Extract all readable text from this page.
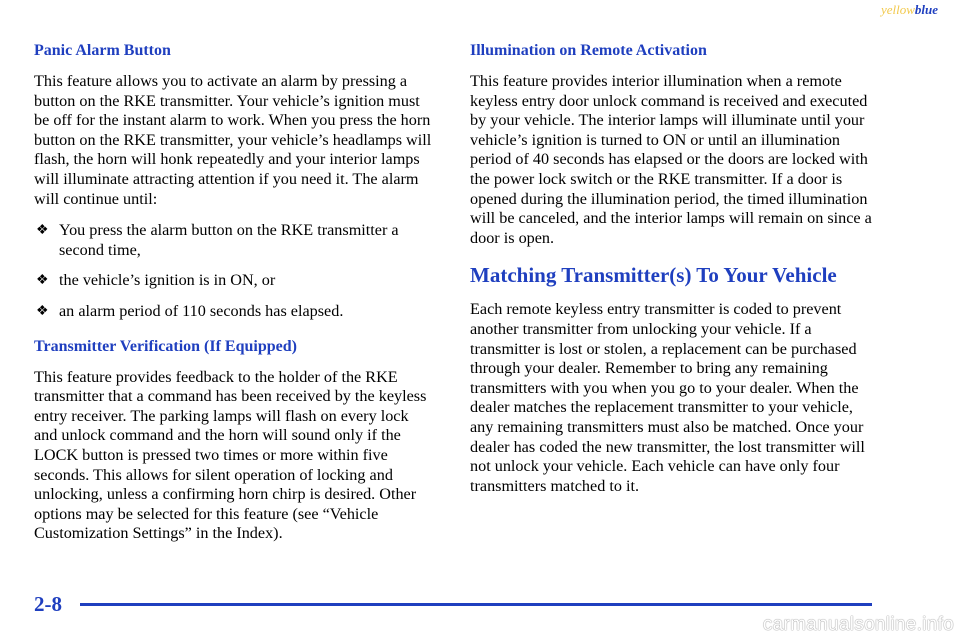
yellowblue
Panic Alarm Button

This feature allows you to activate an alarm by pressing a button on the RKE transmitter. Your vehicle’s ignition must be off for the instant alarm to work. When you press the horn button on the RKE transmitter, your vehicle’s headlamps will flash, the horn will honk repeatedly and your interior lamps will illuminate attracting attention if you need it. The alarm will continue until:

❖ You press the alarm button on the RKE transmitter a second time,
❖ the vehicle’s ignition is in ON, or
❖ an alarm period of 110 seconds has elapsed.
Transmitter Verification (If Equipped)

This feature provides feedback to the holder of the RKE transmitter that a command has been received by the keyless entry receiver. The parking lamps will flash on every lock and unlock command and the horn will sound only if the LOCK button is pressed two times or more within five seconds. This allows for silent operation of locking and unlocking, unless a confirming horn chirp is desired. Other options may be selected for this feature (see “Vehicle Customization Settings” in the Index).

Illumination on Remote Activation

This feature provides interior illumination when a remote keyless entry door unlock command is received and executed by your vehicle. The interior lamps will illuminate until your vehicle’s ignition is turned to ON or until an illumination period of 40 seconds has elapsed or the doors are locked with the power lock switch or the RKE transmitter. If a door is opened during the illumination period, the timed illumination will be canceled, and the interior lamps will remain on since a door is open.

Matching Transmitter(s) To Your Vehicle

Each remote keyless entry transmitter is coded to prevent another transmitter from unlocking your vehicle. If a transmitter is lost or stolen, a replacement can be purchased through your dealer. Remember to bring any remaining transmitters with you when you go to your dealer. When the dealer matches the replacement transmitter to your vehicle, any remaining transmitters must also be matched. Once your dealer has coded the new transmitter, the lost transmitter will not unlock your vehicle. Each vehicle can have only four transmitters matched to it.

2-8
carmanualsonline.info
